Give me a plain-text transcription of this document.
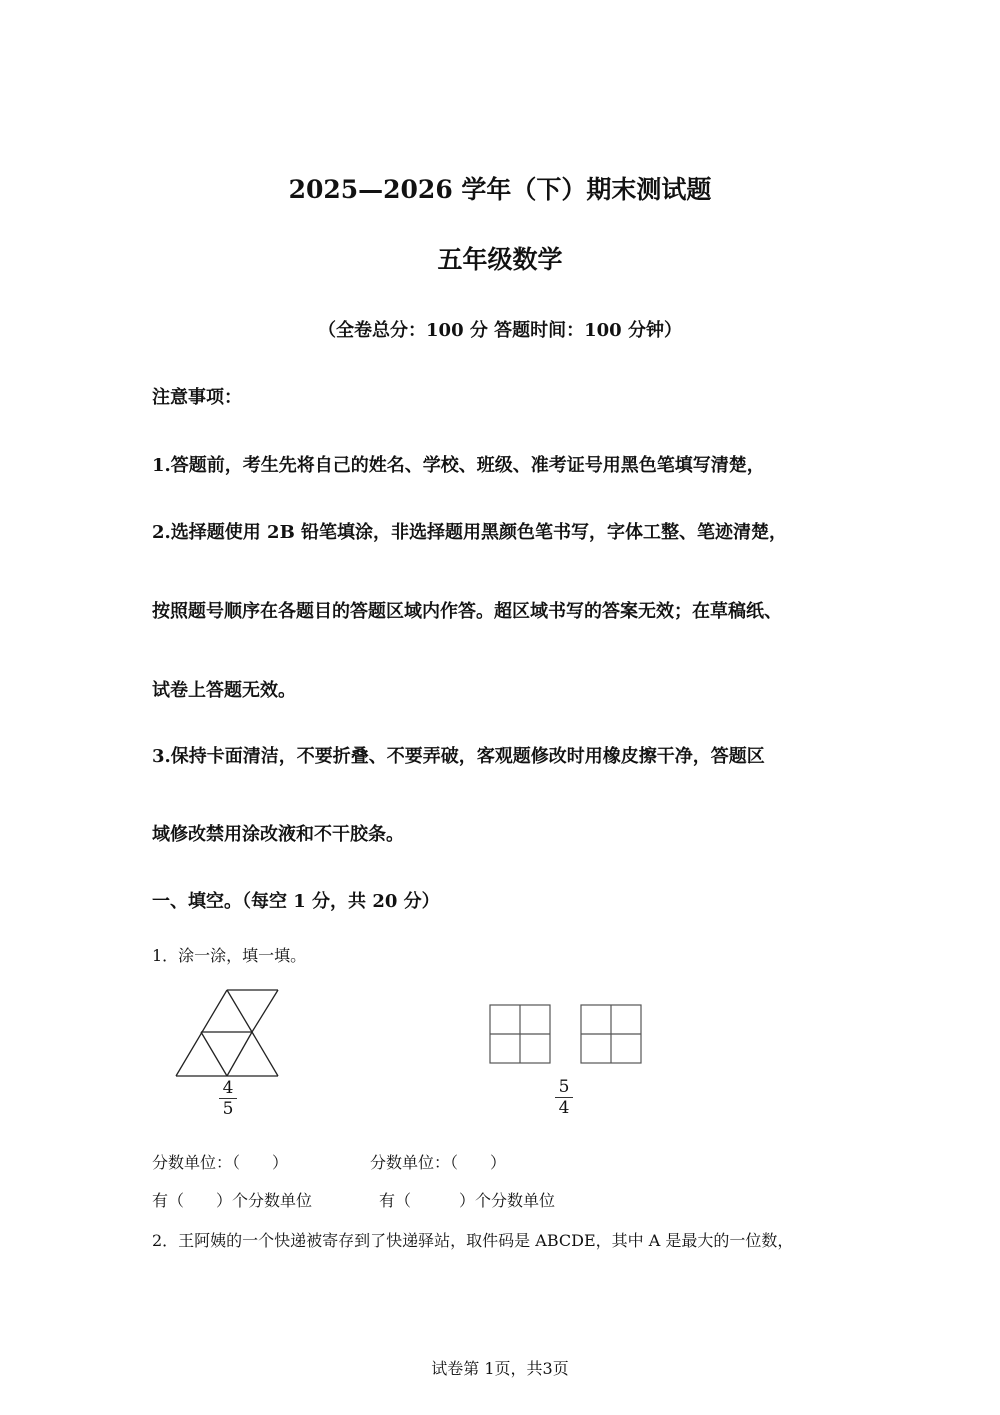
2025—2026 学年（下）期末测试题
五年级数学
（全卷总分：100 分 答题时间：100 分钟）
注意事项：
1.答题前，考生先将自己的姓名、学校、班级、准考证号用黑色笔填写清楚，
2.选择题使用 2B 铅笔填涂，非选择题用黑颜色笔书写，字体工整、笔迹清楚，
按照题号顺序在各题目的答题区域内作答。超区域书写的答案无效；在草稿纸、
试卷上答题无效。
3.保持卡面清洁，不要折叠、不要弄破，客观题修改时用橡皮擦干净，答题区
域修改禁用涂改液和不干胶条。
一、填空。（每空 1 分，共 20 分）
1．涂一涂，填一填。
4
5
5
4
分数单位：（　　）	分数单位：（　　）
有（　　）个分数单位	有（　　　）个分数单位
2．王阿姨的一个快递被寄存到了快递驿站，取件码是 ABCDE，其中 A 是最大的一位数，
试卷第 1页，共3页
